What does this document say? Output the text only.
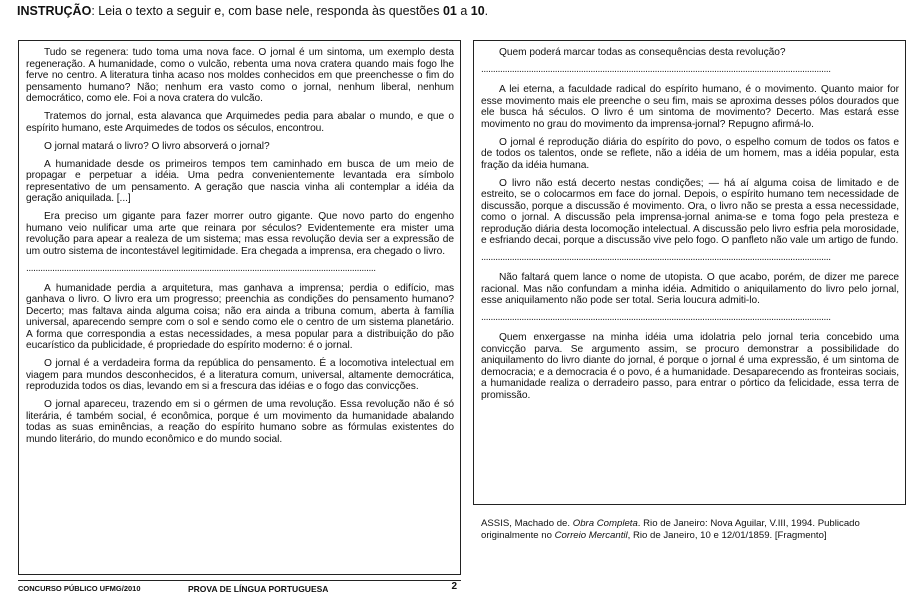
INSTRUÇÃO: Leia o texto a seguir e, com base nele, responda às questões 01 a 10.

Tudo se regenera: tudo toma uma nova face. O jornal é um sintoma, um exemplo desta regeneração. A humanidade, como o vulcão, rebenta uma nova cratera quando mais fogo lhe ferve no centro. A literatura tinha acaso nos moldes conhecidos em que preenchesse o fim do pensamento humano? Não; nenhum era vasto como o jornal, nenhum liberal, nenhum democrático, como ele. Foi a nova cratera do vulcão.

Tratemos do jornal, esta alavanca que Arquimedes pedia para abalar o mundo, e que o espírito humano, este Arquimedes de todos os séculos, encontrou.

O jornal matará o livro? O livro absorverá o jornal?

A humanidade desde os primeiros tempos tem caminhado em busca de um meio de propagar e perpetuar a idéia. Uma pedra convenientemente levantada era símbolo representativo de um pensamento. A geração que nascia vinha ali contemplar a idéia da geração aniquilada. [...]

Era preciso um gigante para fazer morrer outro gigante. Que novo parto do engenho humano veio nulificar uma arte que reinara por séculos? Evidentemente era mister uma revolução para apear a realeza de um sistema; mas essa revolução devia ser a expressão de um outro sistema de incontestável legitimidade. Era chegada a imprensa, era chegado o livro.

...................................................................................................................................................

A humanidade perdia a arquitetura, mas ganhava a imprensa; perdia o edifício, mas ganhava o livro. O livro era um progresso; preenchia as condições do pensamento humano? Decerto; mas faltava ainda alguma coisa; não era ainda a tribuna comum, aberta à família universal, aparecendo sempre com o sol e sendo como ele o centro de um sistema planetário. A forma que correspondia a estas necessidades, a mesa popular para a distribuição do pão eucarístico da publicidade, é propriedade do espírito moderno: é o jornal.

O jornal é a verdadeira forma da república do pensamento. É a locomotiva intelectual em viagem para mundos desconhecidos, é a literatura comum, universal, altamente democrática, reproduzida todos os dias, levando em si a frescura das idéias e o fogo das convicções.

O jornal apareceu, trazendo em si o gérmen de uma revolução. Essa revolução não é só literária, é também social, é econômica, porque é um movimento da humanidade abalando todas as suas eminências, a reação do espírito humano sobre as fórmulas existentes do mundo literário, do mundo econômico e do mundo social.

Quem poderá marcar todas as consequências desta revolução?

...................................................................................................................................................

A lei eterna, a faculdade radical do espírito humano, é o movimento. Quanto maior for esse movimento mais ele preenche o seu fim, mais se aproxima desses pólos dourados que ele busca há séculos. O livro é um sintoma de movimento? Decerto. Mas estará esse movimento no grau do movimento da imprensa-jornal? Repugno afirmá-lo.

O jornal é reprodução diária do espírito do povo, o espelho comum de todos os fatos e de todos os talentos, onde se reflete, não a idéia de um homem, mas a idéia popular, esta fração da idéia humana.

O livro não está decerto nestas condições; — há aí alguma coisa de limitado e de estreito, se o colocarmos em face do jornal. Depois, o espírito humano tem necessidade de discussão, porque a discussão é movimento. Ora, o livro não se presta a essa necessidade, como o jornal. A discussão pela imprensa-jornal anima-se e toma fogo pela presteza e reprodução diária desta locomoção intelectual. A discussão pelo livro esfria pela morosidade, e esfriando decai, porque a discussão vive pelo fogo. O panfleto não vale um artigo de fundo.

...................................................................................................................................................

Não faltará quem lance o nome de utopista. O que acabo, porém, de dizer me parece racional. Mas não confundam a minha idéia. Admitido o aniquilamento do livro pelo jornal, esse aniquilamento não pode ser total. Seria loucura admiti-lo.

...................................................................................................................................................

Quem enxergasse na minha idéia uma idolatria pelo jornal teria concebido uma convicção parva. Se argumento assim, se procuro demonstrar a possibilidade do aniquilamento do livro diante do jornal, é porque o jornal é uma expressão, é um sintoma de democracia; e a democracia é o povo, é a humanidade. Desaparecendo as fronteiras sociais, a humanidade realiza o derradeiro passo, para entrar o pórtico da felicidade, essa terra de promissão.

ASSIS, Machado de. Obra Completa. Rio de Janeiro: Nova Aguilar, V.III, 1994. Publicado originalmente no Correio Mercantil, Rio de Janeiro, 10 e 12/01/1859. [Fragmento]
CONCURSO PÚBLICO UFMG/2010	PROVA DE LÍNGUA PORTUGUESA	2
